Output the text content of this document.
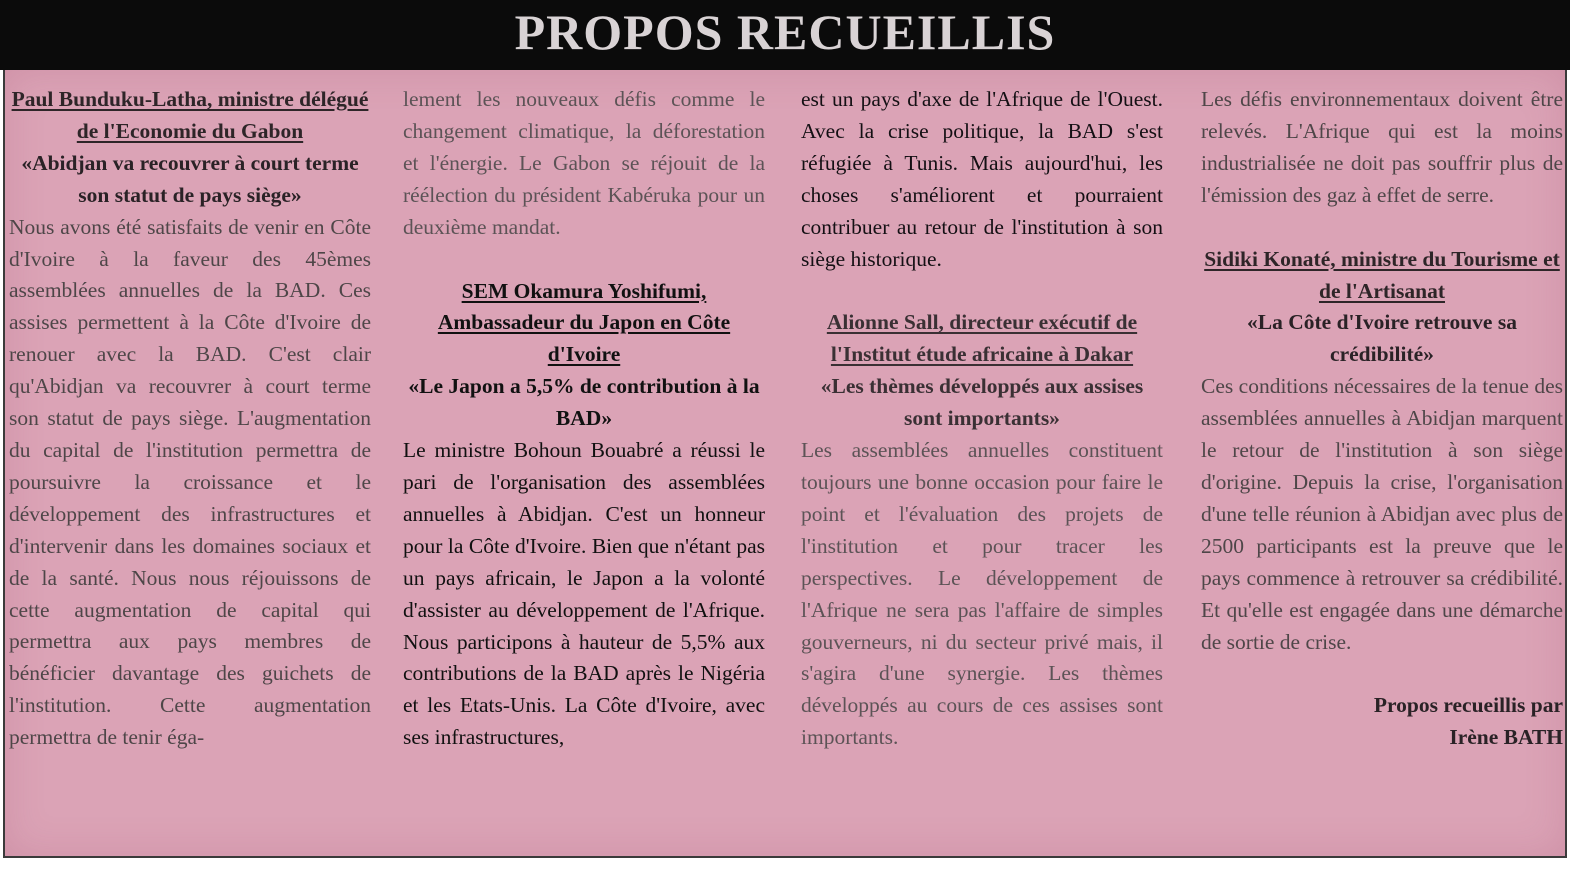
PROPOS RECUEILLIS

Paul Bunduku-Latha, ministre délégué de l'Economie du Gabon

«Abidjan va recouvrer à court terme son statut de pays siège»

Nous avons été satisfaits de venir en Côte d'Ivoire à la faveur des 45èmes assemblées annuelles de la BAD. Ces assises permettent à la Côte d'Ivoire de renouer avec la BAD. C'est clair qu'Abidjan va recouvrer à court terme son statut de pays siège. L'augmentation du capital de l'institution permettra de poursuivre la croissance et le développement des infrastructures et d'intervenir dans les domaines sociaux et de la santé. Nous nous réjouissons de cette augmentation de capital qui permettra aux pays membres de bénéficier davantage des guichets de l'institution. Cette augmentation permettra de tenir éga-

lement les nouveaux défis comme le changement climatique, la déforestation et l'énergie. Le Gabon se réjouit de la réélection du président Kabéruka pour un deuxième mandat.

SEM Okamura Yoshifumi, Ambassadeur du Japon en Côte d'Ivoire

«Le Japon a 5,5% de contribution à la BAD»

Le ministre Bohoun Bouabré a réussi le pari de l'organisation des assemblées annuelles à Abidjan. C'est un honneur pour la Côte d'Ivoire. Bien que n'étant pas un pays africain, le Japon a la volonté d'assister au développement de l'Afrique. Nous participons à hauteur de 5,5% aux contributions de la BAD après le Nigéria et les Etats-Unis. La Côte d'Ivoire, avec ses infrastructures,

est un pays d'axe de l'Afrique de l'Ouest. Avec la crise politique, la BAD s'est réfugiée à Tunis. Mais aujourd'hui, les choses s'améliorent et pourraient contribuer au retour de l'institution à son siège historique.

Alionne Sall, directeur exécutif de l'Institut étude africaine à Dakar

«Les thèmes développés aux assises sont importants»

Les assemblées annuelles constituent toujours une bonne occasion pour faire le point et l'évaluation des projets de l'institution et pour tracer les perspectives. Le développement de l'Afrique ne sera pas l'affaire de simples gouverneurs, ni du secteur privé mais, il s'agira d'une synergie. Les thèmes développés au cours de ces assises sont importants.

Les défis environnementaux doivent être relevés. L'Afrique qui est la moins industrialisée ne doit pas souffrir plus de l'émission des gaz à effet de serre.

Sidiki Konaté, ministre du Tourisme et de l'Artisanat

«La Côte d'Ivoire retrouve sa crédibilité»

Ces conditions nécessaires de la tenue des assemblées annuelles à Abidjan marquent le retour de l'institution à son siège d'origine. Depuis la crise, l'organisation d'une telle réunion à Abidjan avec plus de 2500 participants est la preuve que le pays commence à retrouver sa crédibilité. Et qu'elle est engagée dans une démarche de sortie de crise.

Propos recueillis par

Irène BATH
